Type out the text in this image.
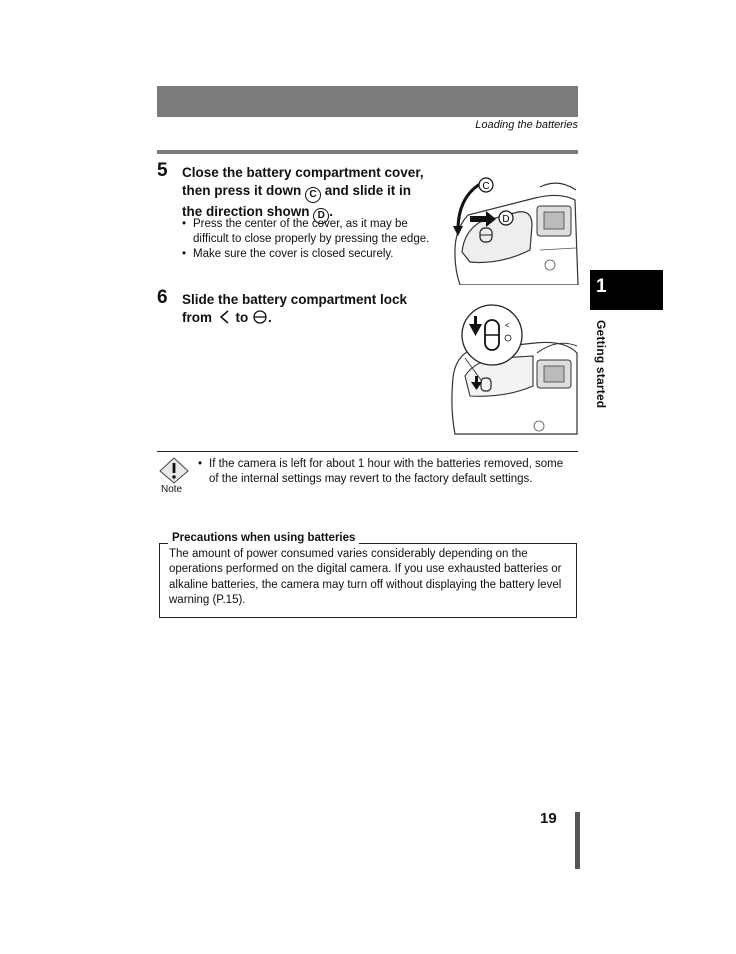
Loading the batteries
5 Close the battery compartment cover, then press it down C and slide it in the direction shown D .
• Press the center of the cover, as it may be difficult to close properly by pressing the edge.
• Make sure the cover is closed securely.
C
D
6 Slide the battery compartment lock from  to .
<
1
Getting started
Note
• If the camera is left for about 1 hour with the batteries removed, some of the internal settings may revert to the factory default settings.
Precautions when using batteries
The amount of power consumed varies considerably depending on the operations performed on the digital camera. If you use exhausted batteries or alkaline batteries, the camera may turn off without displaying the battery level warning (P.15).
19
